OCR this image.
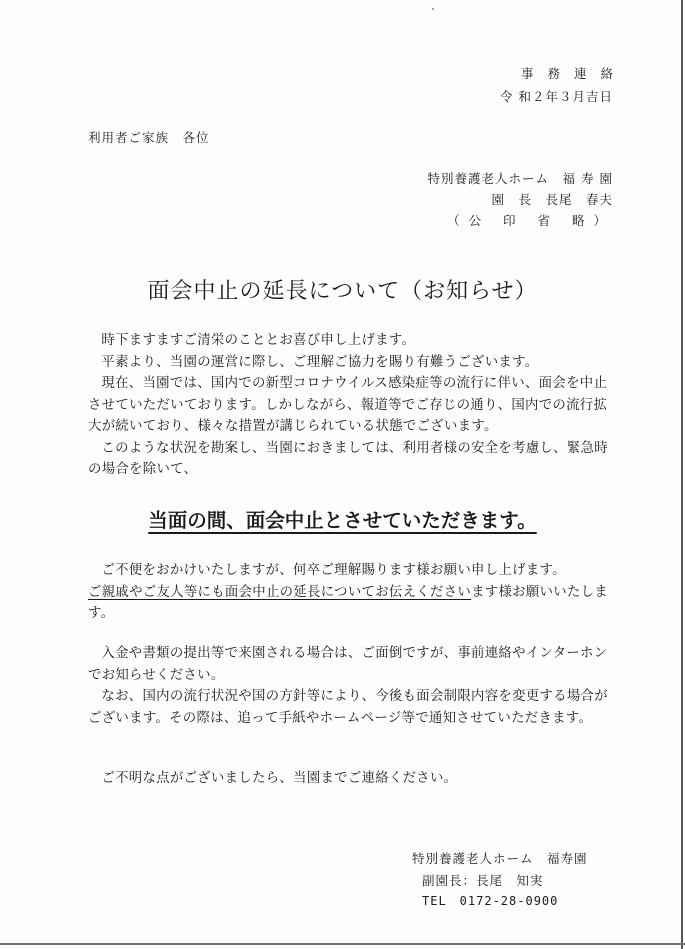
事務連絡
令 和２年３月吉日
利用者ご家族　各位
特別養護老人ホーム　福 寿 園
園　長　長尾　春夫
（公 印 省 略）
面会中止の延長について（お知らせ）

時下ますますご清栄のこととお喜び申し上げます。

平素より、当園の運営に際し、ご理解ご協力を賜り有難うございます。

現在、当園では、国内での新型コロナウイルス感染症等の流行に伴い、面会を中止させていただいております。しかしながら、報道等でご存じの通り、国内での流行拡大が続いており、様々な措置が講じられている状態でございます。

このような状況を勘案し、当園におきましては、利用者様の安全を考慮し、緊急時の場合を除いて、

当面の間、面会中止とさせていただきます。

ご不便をおかけいたしますが、何卒ご理解賜ります様お願い申し上げます。

ご親戚やご友人等にも面会中止の延長についてお伝えくださいます様お願いいたします。

入金や書類の提出等で来園される場合は、ご面倒ですが、事前連絡やインターホンでお知らせください。

なお、国内の流行状況や国の方針等により、今後も面会制限内容を変更する場合がございます。その際は、追って手紙やホームページ等で通知させていただきます。

ご不明な点がございましたら、当園までご連絡ください。

特別養護老人ホーム　福寿園
副園長：長尾　知実
TEL　0172-28-0900
